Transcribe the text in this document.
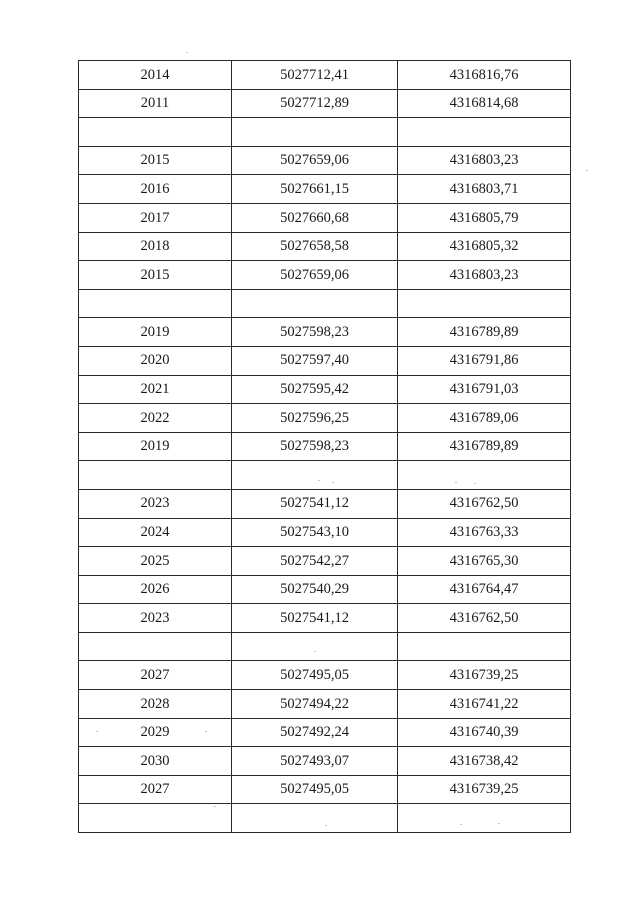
2014	5027712,41	4316816,76
2011	5027712,89	4316814,68

2015	5027659,06	4316803,23
2016	5027661,15	4316803,71
2017	5027660,68	4316805,79
2018	5027658,58	4316805,32
2015	5027659,06	4316803,23

2019	5027598,23	4316789,89
2020	5027597,40	4316791,86
2021	5027595,42	4316791,03
2022	5027596,25	4316789,06
2019	5027598,23	4316789,89

2023	5027541,12	4316762,50
2024	5027543,10	4316763,33
2025	5027542,27	4316765,30
2026	5027540,29	4316764,47
2023	5027541,12	4316762,50

2027	5027495,05	4316739,25
2028	5027494,22	4316741,22
2029	5027492,24	4316740,39
2030	5027493,07	4316738,42
2027	5027495,05	4316739,25
